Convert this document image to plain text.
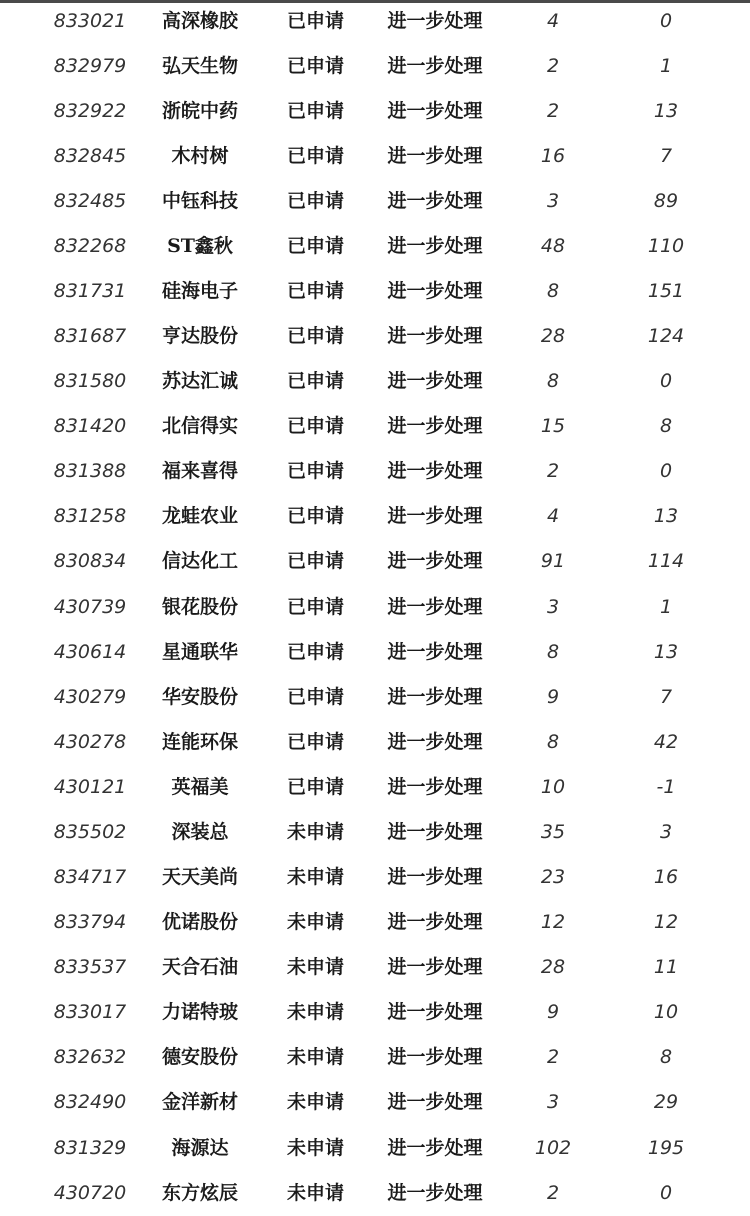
833021	高深橡胶	已申请	进一步处理	4	0
832979	弘天生物	已申请	进一步处理	2	1
832922	浙皖中药	已申请	进一步处理	2	13
832845	木村树	已申请	进一步处理	16	7
832485	中钰科技	已申请	进一步处理	3	89
832268	ST鑫秋	已申请	进一步处理	48	110
831731	硅海电子	已申请	进一步处理	8	151
831687	亨达股份	已申请	进一步处理	28	124
831580	苏达汇诚	已申请	进一步处理	8	0
831420	北信得实	已申请	进一步处理	15	8
831388	福来喜得	已申请	进一步处理	2	0
831258	龙蛙农业	已申请	进一步处理	4	13
830834	信达化工	已申请	进一步处理	91	114
430739	银花股份	已申请	进一步处理	3	1
430614	星通联华	已申请	进一步处理	8	13
430279	华安股份	已申请	进一步处理	9	7
430278	连能环保	已申请	进一步处理	8	42
430121	英福美	已申请	进一步处理	10	-1
835502	深装总	未申请	进一步处理	35	3
834717	天天美尚	未申请	进一步处理	23	16
833794	优诺股份	未申请	进一步处理	12	12
833537	天合石油	未申请	进一步处理	28	11
833017	力诺特玻	未申请	进一步处理	9	10
832632	德安股份	未申请	进一步处理	2	8
832490	金洋新材	未申请	进一步处理	3	29
831329	海源达	未申请	进一步处理	102	195
430720	东方炫辰	未申请	进一步处理	2	0
